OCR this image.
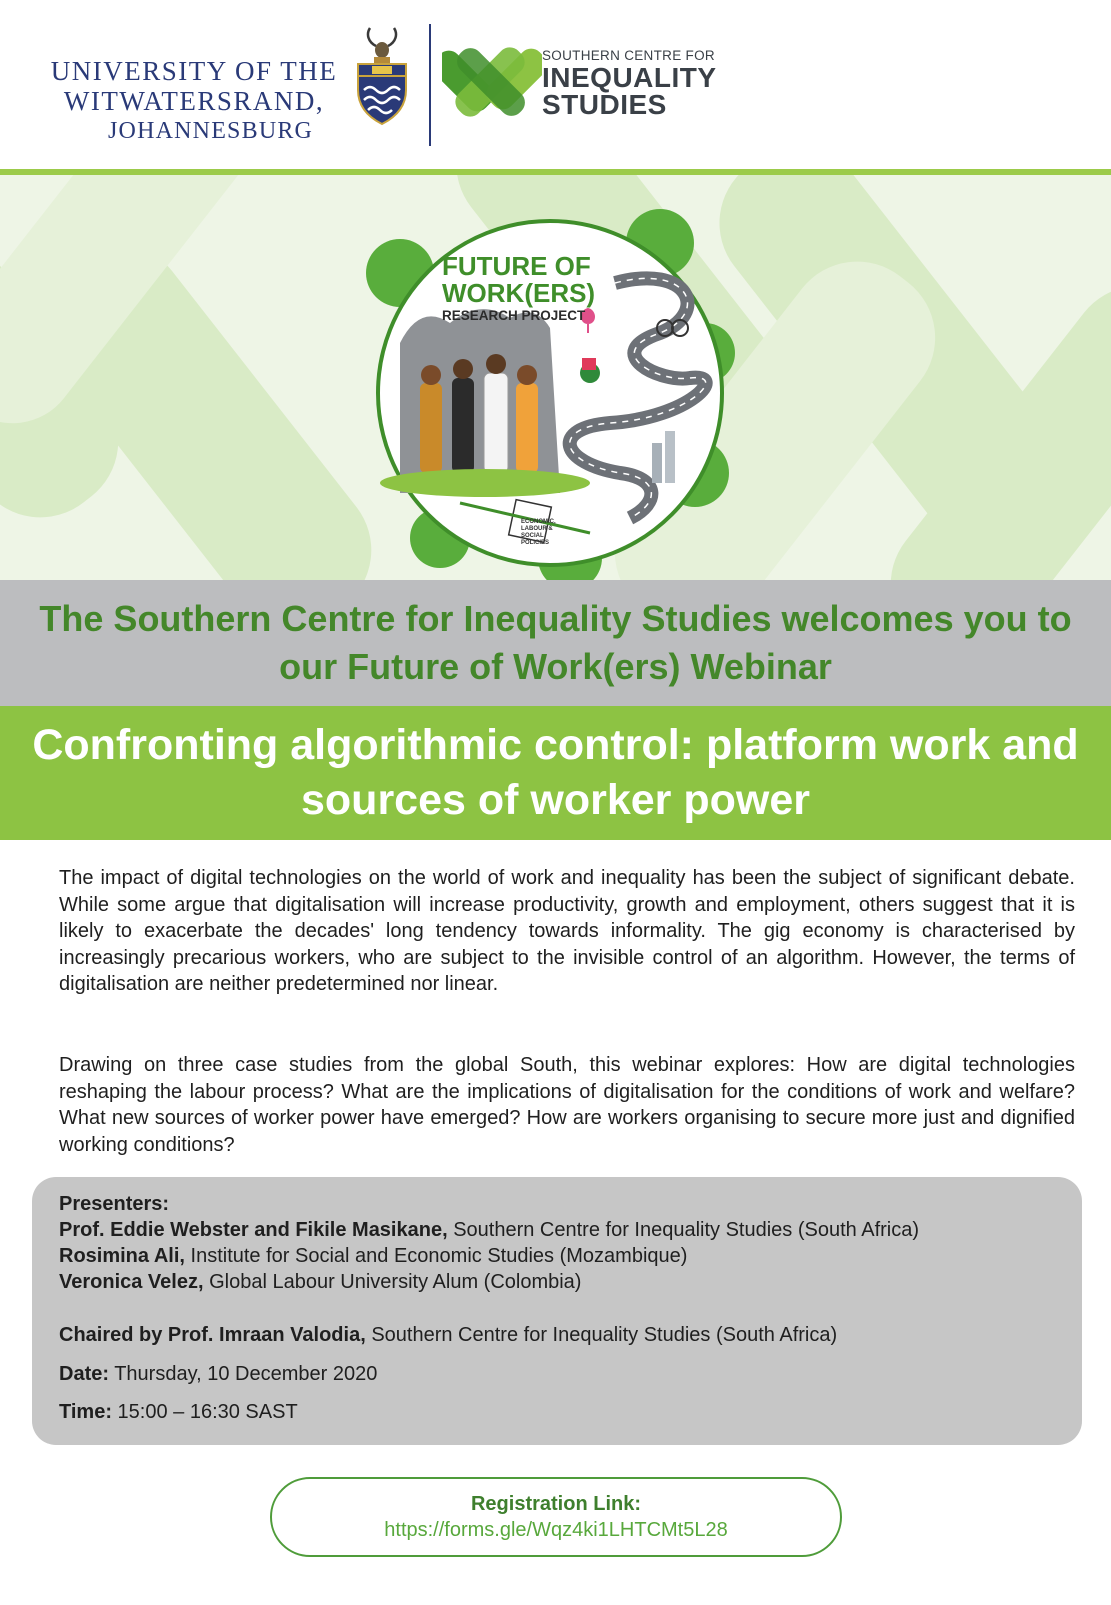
UNIVERSITY OF THE
WITWATERSRAND,
JOHANNESBURG
SOUTHERN CENTRE FOR
INEQUALITY
STUDIES
FUTURE OF
WORK(ERS)
RESEARCH PROJECT
ECONOMIC, LABOUR & SOCIAL POLICIES
The Southern Centre for Inequality Studies welcomes you to our Future of Work(ers) Webinar
Confronting algorithmic control: platform work and sources of worker power

The impact of digital technologies on the world of work and inequality has been the subject of significant debate. While some argue that digitalisation will increase productivity, growth and employment, others suggest that it is likely to exacerbate the decades' long tendency towards informality. The gig economy is characterised by increasingly precarious workers, who are subject to the invisible control of an algorithm. However, the terms of digitalisation are neither predetermined nor linear.

Drawing on three case studies from the global South, this webinar explores: How are digital technologies reshaping the labour process? What are the implications of digitalisation for the conditions of work and welfare? What new sources of worker power have emerged? How are workers organising to secure more just and dignified working conditions?

Presenters:
Prof. Eddie Webster and Fikile Masikane, Southern Centre for Inequality Studies (South Africa)
Rosimina Ali, Institute for Social and Economic Studies (Mozambique)
Veronica Velez, Global Labour University Alum (Colombia)
Chaired by Prof. Imraan Valodia, Southern Centre for Inequality Studies (South Africa)
Date: Thursday, 10 December 2020
Time: 15:00 – 16:30 SAST
Registration Link:
https://forms.gle/Wqz4ki1LHTCMt5L28
